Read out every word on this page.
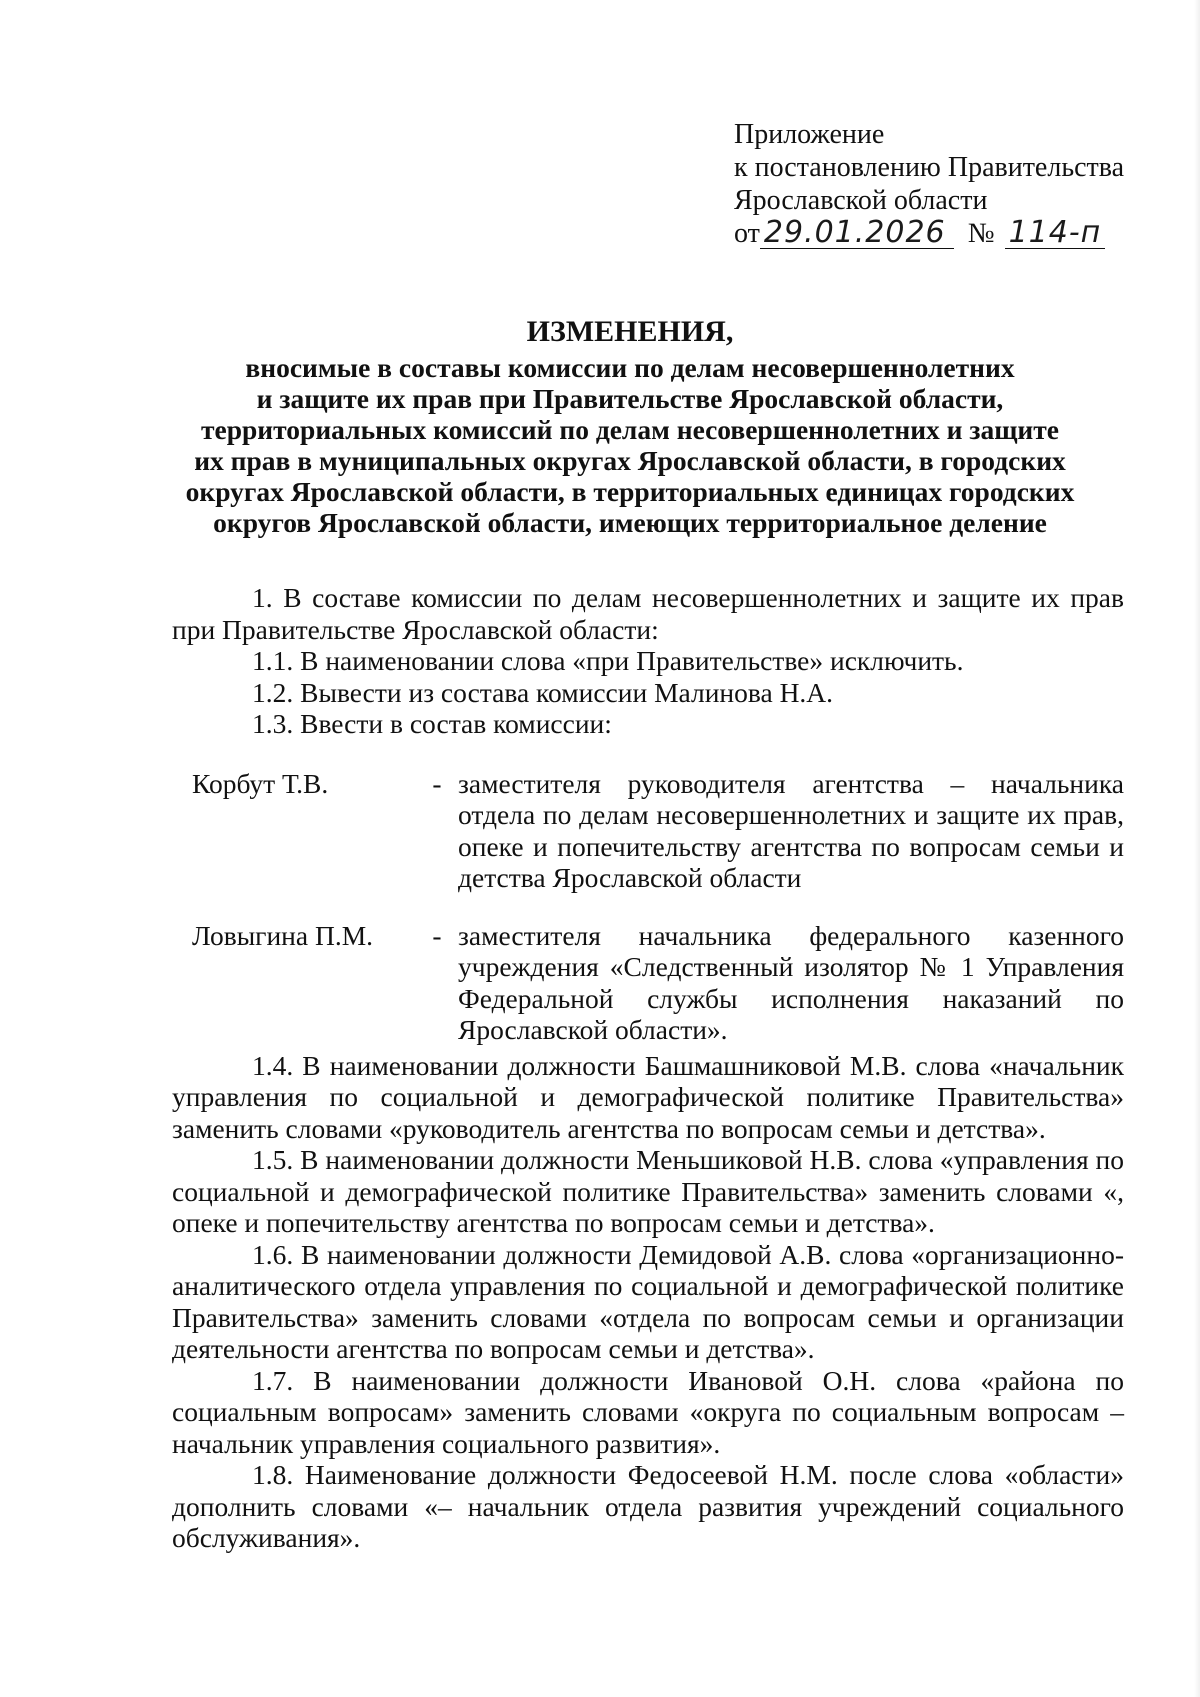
Приложение
к постановлению Правительства
Ярославской области
от 29.01.2026 № 114-п
ИЗМЕНЕНИЯ,
вносимые в составы комиссии по делам несовершеннолетних
и защите их прав при Правительстве Ярославской области,
территориальных комиссий по делам несовершеннолетних и защите
их прав в муниципальных округах Ярославской области, в городских
округах Ярославской области, в территориальных единицах городских
округов Ярославской области, имеющих территориальное деление

1. В составе комиссии по делам несовершеннолетних и защите их прав при Правительстве Ярославской области:

1.1. В наименовании слова «при Правительстве» исключить.

1.2. Вывести из состава комиссии Малинова Н.А.

1.3. Ввести в состав комиссии:

Корбут Т.В.	- заместителя руководителя агентства – начальника отдела по делам несовершеннолетних и защите их прав, опеке и попечительству агентства по вопросам семьи и детства Ярославской области
Ловыгина П.М.	- заместителя начальника федерального казенного учреждения «Следственный изолятор № 1 Управления Федеральной службы исполнения наказаний по Ярославской области».

1.4. В наименовании должности Башмашниковой М.В. слова «начальник управления по социальной и демографической политике Правительства» заменить словами «руководитель агентства по вопросам семьи и детства».

1.5. В наименовании должности Меньшиковой Н.В. слова «управления по социальной и демографической политике Правительства» заменить словами «, опеке и попечительству агентства по вопросам семьи и детства».

1.6. В наименовании должности Демидовой А.В. слова «организационно-аналитического отдела управления по социальной и демографической политике Правительства» заменить словами «отдела по вопросам семьи и организации деятельности агентства по вопросам семьи и детства».

1.7. В наименовании должности Ивановой О.Н. слова «района по социальным вопросам» заменить словами «округа по социальным вопросам – начальник управления социального развития».

1.8. Наименование должности Федосеевой Н.М. после слова «области» дополнить словами «– начальник отдела развития учреждений социального обслуживания».
